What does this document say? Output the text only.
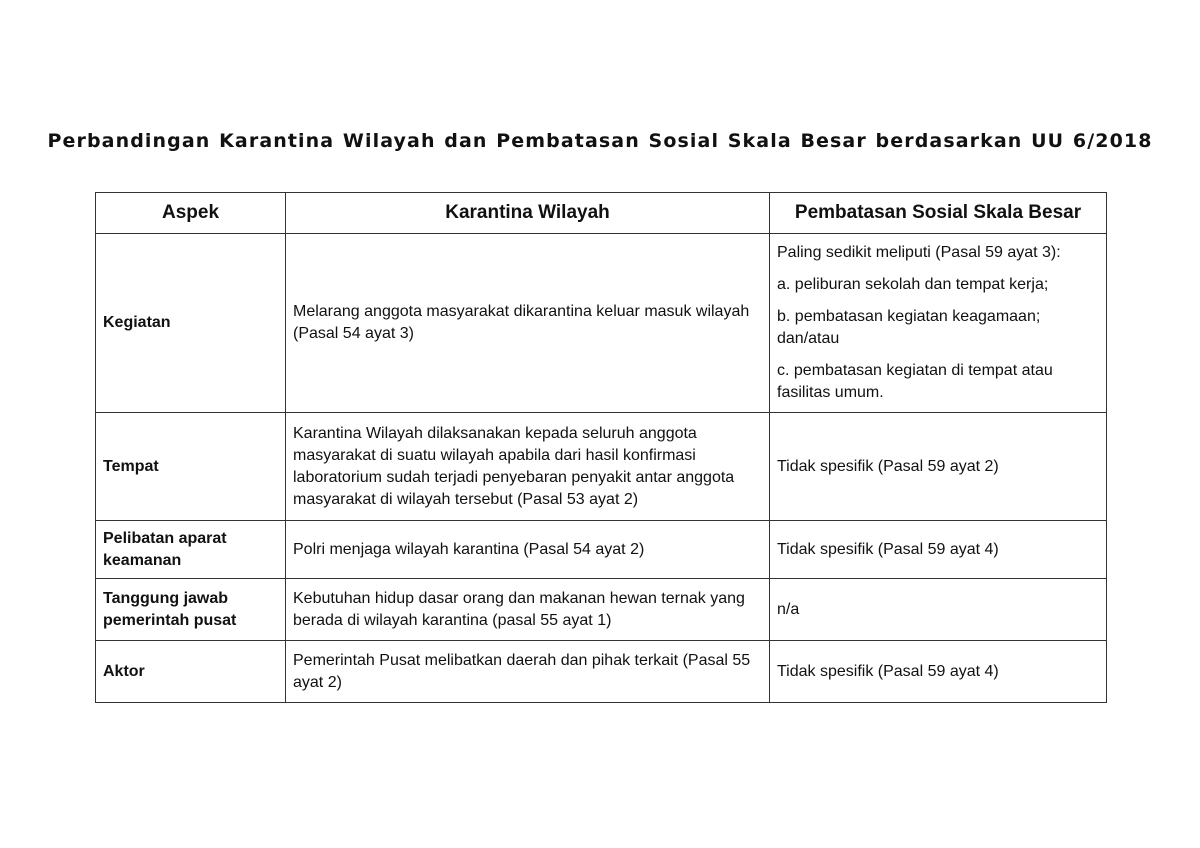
Perbandingan Karantina Wilayah dan Pembatasan Sosial Skala Besar berdasarkan UU 6/2018
Aspek	Karantina Wilayah	Pembatasan Sosial Skala Besar
Kegiatan	Melarang anggota masyarakat dikarantina keluar masuk wilayah (Pasal 54 ayat 3)	Paling sedikit meliputi (Pasal 59 ayat 3):

a. peliburan sekolah dan tempat kerja;

b. pembatasan kegiatan keagamaan; dan/atau

c. pembatasan kegiatan di tempat atau fasilitas umum.

Tempat	Karantina Wilayah dilaksanakan kepada seluruh anggota masyarakat di suatu wilayah apabila dari hasil konfirmasi laboratorium sudah terjadi penyebaran penyakit antar anggota masyarakat di wilayah tersebut (Pasal 53 ayat 2)	Tidak spesifik (Pasal 59 ayat 2)
Pelibatan aparat keamanan	Polri menjaga wilayah karantina (Pasal 54 ayat 2)	Tidak spesifik (Pasal 59 ayat 4)
Tanggung jawab pemerintah pusat	Kebutuhan hidup dasar orang dan makanan hewan ternak yang berada di wilayah karantina (pasal 55 ayat 1)	n/a
Aktor	Pemerintah Pusat melibatkan daerah dan pihak terkait (Pasal 55 ayat 2)	Tidak spesifik (Pasal 59 ayat 4)
